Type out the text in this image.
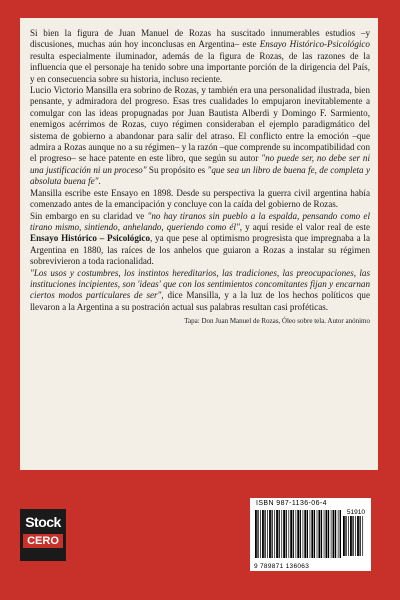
Si bien la figura de Juan Manuel de Rozas ha suscitado innumerables estudios –y discusiones, muchas aún hoy inconclusas en Argentina– este Ensayo Histórico-Psicológico resulta especialmente iluminador, además de la figura de Rozas, de las razones de la influencia que el personaje ha tenido sobre una importante porción de la dirigencia del País, y en consecuencia sobre su historia, incluso reciente.

Lucio Victorio Mansilla era sobrino de Rozas, y también era una personalidad ilustrada, bien pensante, y admiradora del progreso. Esas tres cualidades lo empujaron inevitablemente a comulgar con las ideas propugnadas por Juan Bautista Alberdi y Domingo F. Sarmiento, enemigos acérrimos de Rozas, cuyo régimen consideraban el ejemplo paradigmático del sistema de gobierno a abandonar para salir del atraso. El conflicto entre la emoción –que admira a Rozas aunque no a su régimen– y la razón –que comprende su incompatibilidad con el progreso– se hace patente en este libro, que según su autor "no puede ser, no debe ser ni una justificación ni un proceso" Su propósito es "que sea un libro de buena fe, de completa y absoluta buena fe".

Mansilla escribe este Ensayo en 1898. Desde su perspectiva la guerra civil argentina había comenzado antes de la emancipación y concluye con la caída del gobierno de Rozas.

Sin embargo en su claridad ve "no hay tiranos sin pueblo a la espalda, pensando como el tirano mismo, sintiendo, anhelando, queriendo como él", y aquí reside el valor real de este Ensayo Histórico – Psicológico, ya que pese al optimismo progresista que impregnaba a la Argentina en 1880, las raíces de los anhelos que guiaron a Rozas a instalar su régimen sobrevivieron a toda racionalidad.

"Los usos y costumbres, los instintos hereditarios, las tradiciones, las preocupaciones, las instituciones incipientes, son 'ideas' que con los sentimientos concomitantes fijan y encarnan ciertos modos particulares de ser", dice Mansilla, y a la luz de los hechos políticos que llevaron a la Argentina a su postración actual sus palabras resultan casi proféticas.

Tapa: Don Juan Manuel de Rozas, Óleo sobre tela. Autor anónimo
Stock
CERO
ISBN 987-1136-06-4
51910
9 789871 136063
